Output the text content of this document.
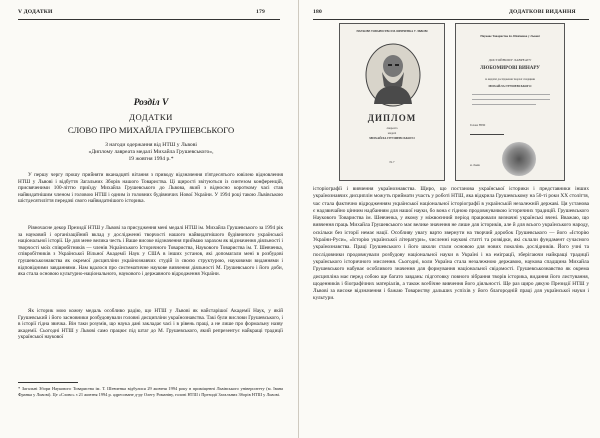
V ДОДАТКИ	179
Розділ V
ДОДАТКИ
СЛОВО ПРО МИХАЙЛА ГРУШЕВСЬКОГО
З нагоди одержання від НТШ у Львові
«Диплому лавреата медалі Михайла Грушевського»,
19 жовтня 1994 р.*
У першу чергу прошу прийняти вканадцяті вітання з приводу відзначення п'ятдесятього ювілею відновлення НТШ у Львові і відбуття Загальних Зборів нашого Товариства. Ці щирості звітуються із синтезом конференцій, присвяченими 100-літтю приїзду Михайла Грушевського до Львова, який з відносно короткому часі став найвидатнішим членом і головою НТШ і одним із головних будівничих Нової України. У 1994 році такою Львівською шістдесятиліття передачі свого найвидатнішого історика.
Рівночасне декор Президії НТШ у Львові за присудження мені медалі НТШ ім. Михайла Грушевського за 1994 рік за науковий і організаційний вклад у дослідженні творчості нашого найвидатнішого будівничого української національної історії. Це для мене велика честь і Ваше високе відзначення приймаю зарахом як відзначення діяльності і творчості моїх співробітників — членів Українського Історичного Товариства, Наукового Товариства ім. Т. Шевченка, співробітників з Української Вільної Академії Наук у США в інших установ, які допомагали мені в розбудові грушевськознавства як окремої дисципліни українознавчих студій із своєю структурою, науковими виданнями і відповідними завданнями. Нам вдалося про систематичне наукове вивчення діяльності М. Грушевського і його доби, яка стала основою культурно-національного, наукового і державного відродження України.
Як історик мою кожну медаль особливо радію, що НТШ у Львові як найстарішої Академії Наук, у якій Грушевський і його засновники розбудовували головні дисципліни українознавства. Такі були вислови Грушевського, і в історії гідна звичка. Він таки розумів, що наука дані закладає часі і в рівень праці, а не лише про формальну назву академії. Сьогодні НТШ у Львові само працює під штаг до М. Грушевського, який репрезентує найкращі традиції української наукової
* Загальні Збори Наукового Товариства ім. Т. Шевченка відбулися 29 жовтня 1994 року в приміщенні Львівського університету (м. Івана Франка у Львові). Це «Слово» з 21 жовтня 1994 р. адресоване д-ру Олегу Романіву, голові НТШ і Президії Загальних Зборів НТШ у Львові.
180	ДОДАТКОВІ ВИДАННЯ
НАУКОВЕ ТОВАРИСТВО ІМ. ШЕВЧЕНКА У ЛЬВОВІ
ДИПЛОМ
лавреата
медалі
МИХАЙЛА ГРУШЕВСЬКОГО
№ 7
Наукове Товариство ім. Шевченка у Львові
ДОСТОЙНОМУ ЛАВРЕАТУ
ЛЮБОМИРОВІ ВИНАРУ
за видатні дослідження творчої спадщини
МИХАЙЛА ГРУШЕВСЬКОГО
Голова НТШ
м. Львів
історіографії і вивчення українознавства. Щиро, що постанова української історики і представники інших українознавчих дисциплін можуть приймати участь у роботі НТШ, яка відкрила Грушевському на 50-ті роки XX століття, час стала фактично відродженням української національної історіографії в українській незалежній державі. Ця установа є надзвичайно цінним надбанням для нашої науки, бо вона є гідною продовжувачкою історичних традицій. Грушевського Наукового Товариства ім. Шевченка, у якому у міжвоєнний період працювали визначні українські вчені. Вважаю, що вивчення праць Михайла Грушевського має велике значення не лише для істориків, але й для всього українського народу, оскільки без історії немає нації. Особливу увагу варто звернути на творчий доробок Грушевського — його «Історію України-Руси», «Історію української літератури», численні наукові статті та розвідки, які склали фундамент сучасного українознавства. Праці Грушевського і його школи стали основою для нових поколінь дослідників. Його учні та послідовники продовжували розбудову національної науки в Україні і на еміграції, зберігаючи найкращі традиції українського історичного мислення. Сьогодні, коли Україна стала незалежною державою, наукова спадщина Михайла Грушевського набуває особливого значення для формування національної свідомості. Грушевськознавство як окрема дисципліна має перед собою ще багато завдань: підготовку повного зібрання творів історика, видання його листування, щоденників і біографічних матеріалів, а також всебічне вивчення його діяльності. Ще раз щиро дякую Президії НТШ у Львові за високе відзначення і бажаю Товариству дальших успіхів у його благородній праці для української науки і культури.
